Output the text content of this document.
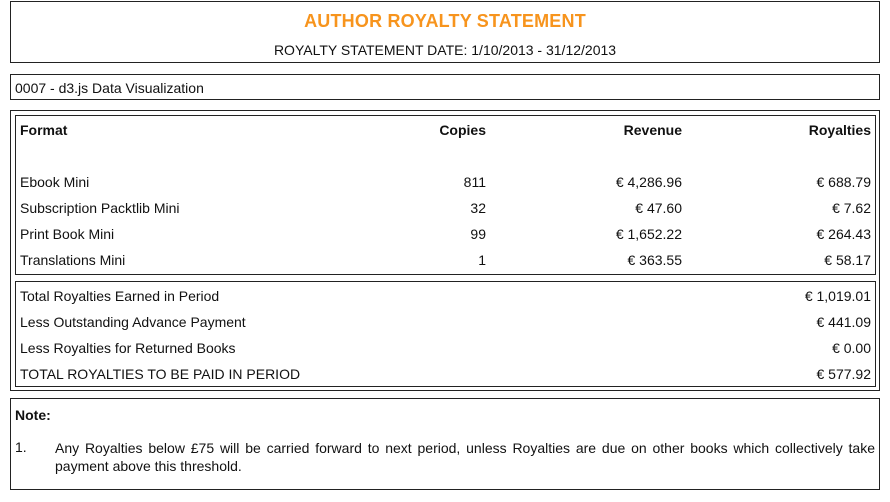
AUTHOR ROYALTY STATEMENT
ROYALTY STATEMENT DATE: 1/10/2013 - 31/12/2013
0007 - d3.js Data Visualization
Format	Copies	Revenue	Royalties
Ebook Mini	811	€ 4,286.96	€ 688.79
Subscription Packtlib Mini	32	€ 47.60	€ 7.62
Print Book Mini	99	€ 1,652.22	€ 264.43
Translations Mini	1	€ 363.55	€ 58.17
Total Royalties Earned in Period	€ 1,019.01
Less Outstanding Advance Payment	€ 441.09
Less Royalties for Returned Books	€ 0.00
TOTAL ROYALTIES TO BE PAID IN PERIOD	€ 577.92
Note:
1. Any Royalties below £75 will be carried forward to next period, unless Royalties are due on other books which collectively take payment above this threshold.
